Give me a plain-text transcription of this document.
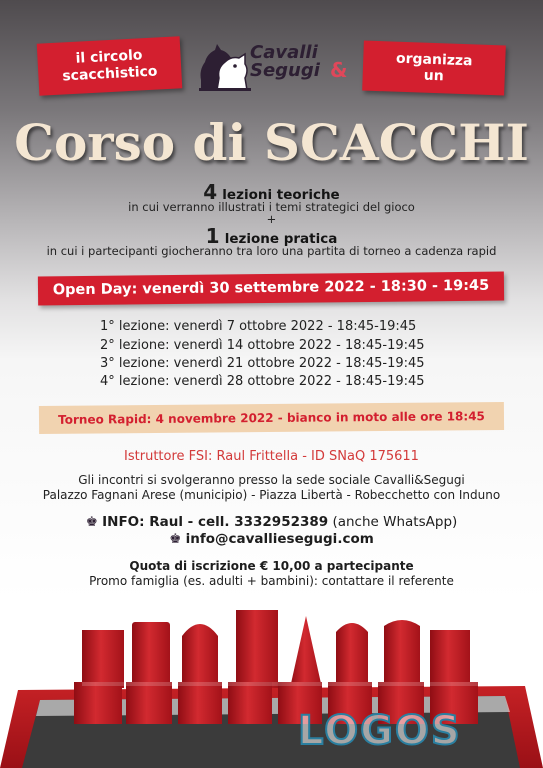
il circolo
scacchistico
Cavalli
Segugi &	organizza
un
Corso di SCACCHI
4 lezioni teoriche
in cui verranno illustrati i temi strategici del gioco
+
1 lezione pratica
in cui i partecipanti giocheranno tra loro una partita di torneo a cadenza rapid
Open Day: venerdì 30 settembre 2022 - 18:30 - 19:45
1° lezione: venerdì 7 ottobre 2022 - 18:45-19:45
2° lezione: venerdì 14 ottobre 2022 - 18:45-19:45
3° lezione: venerdì 21 ottobre 2022 - 18:45-19:45
4° lezione: venerdì 28 ottobre 2022 - 18:45-19:45
Torneo Rapid: 4 novembre 2022 - bianco in moto alle ore 18:45
Istruttore FSI: Raul Frittella - ID SNaQ 175611
Gli incontri si svolgeranno presso la sede sociale Cavalli&Segugi
Palazzo Fagnani Arese (municipio) - Piazza Libertà - Robecchetto con Induno
♚ INFO: Raul - cell. 3332952389 (anche WhatsApp)
♚ info@cavalliesegugi.com
Quota di iscrizione € 10,00 a partecipante
Promo famiglia (es. adulti + bambini): contattare il referente
LOGOS
